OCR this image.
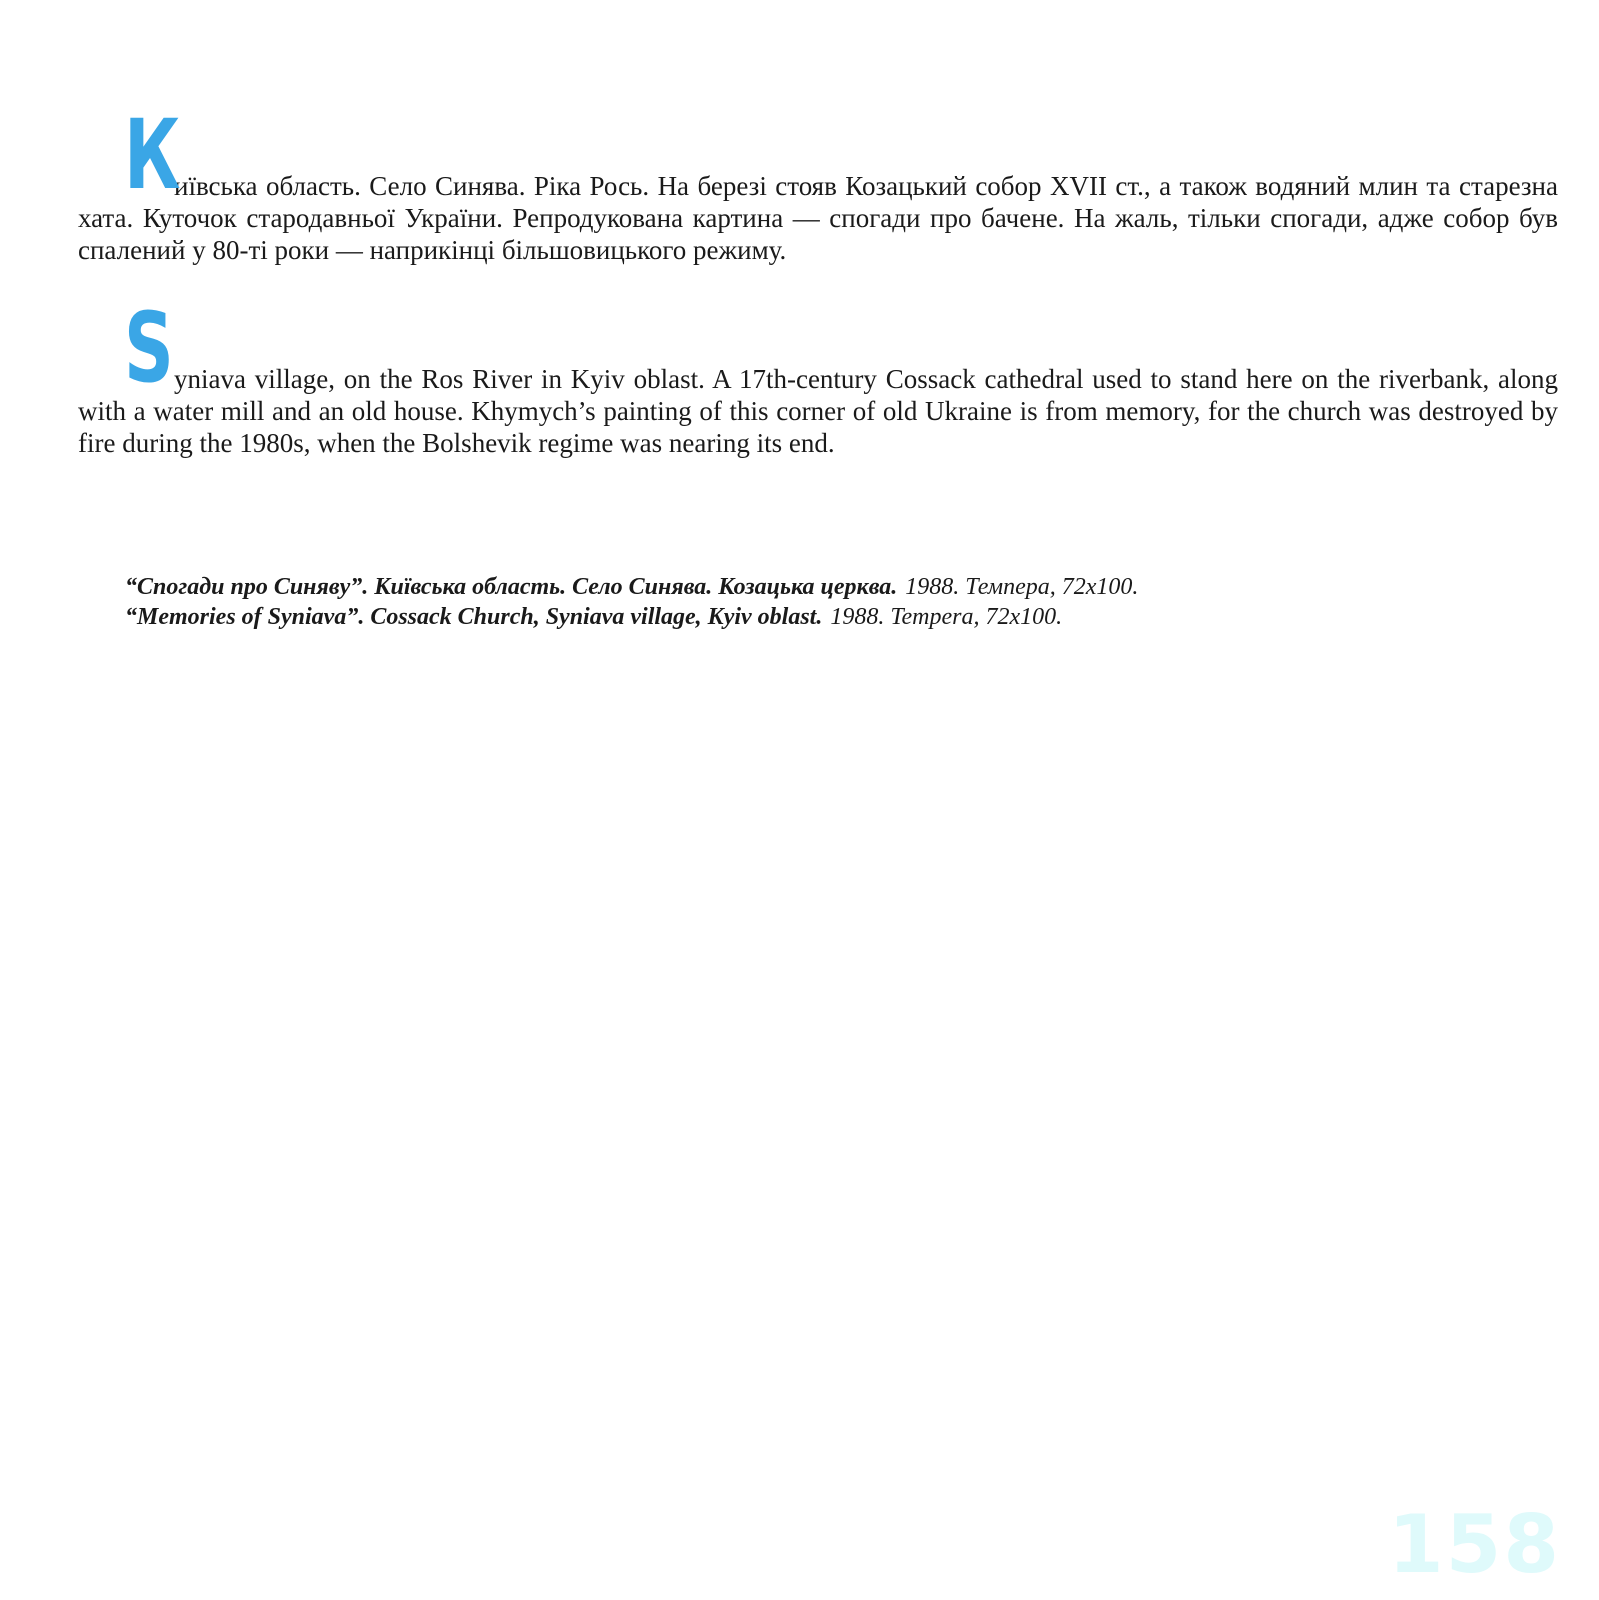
К
иївська область. Село Синява. Ріка Рось. На березі стояв Козацький собор XVII ст., а також водяний млин та старезна хата. Куточок стародавньої України. Репродукована картина — спогади про бачене. На жаль, тільки спогади, адже собор був спалений у 80-ті роки — наприкінці більшовицького режиму.

Syniava village, on the Ros River in Kyiv oblast. A 17th-century Cossack cathedral used to stand here on the riverbank, along with a water mill and an old house. Khymych’s painting of this corner of old Ukraine is from memory, for the church was destroyed by fire during the 1980s, when the Bolshevik regime was nearing its end.

“Спогади про Синяву”. Київська область. Село Синява. Козацька церква. 1988. Темпера, 72x100.
“Memories of Syniava”. Cossack Church, Syniava village, Kyiv oblast. 1988. Tempera, 72x100.
158
